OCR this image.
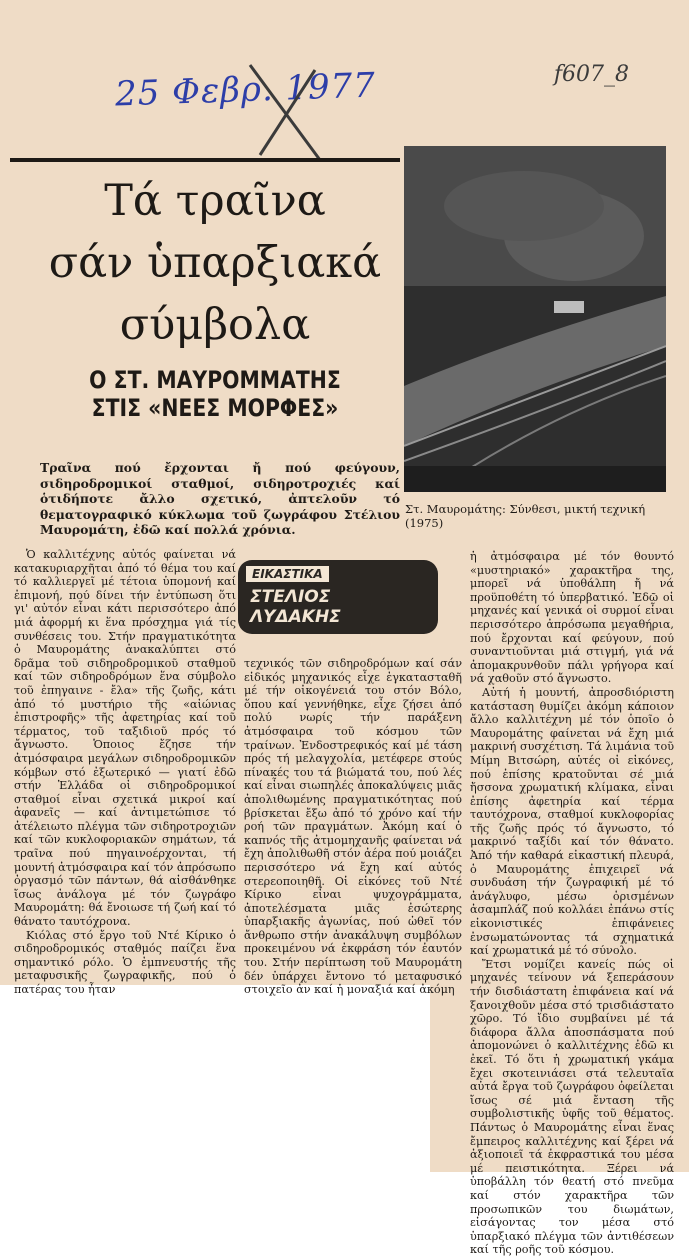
25 Φεβρ. 1977	f607_8
Τά τραῖνα
σάν ὑπαρξιακά
σύμβολα
Ο ΣΤ. ΜΑΥΡΟΜΜΑΤΗΣ
ΣΤΙΣ «ΝΕΕΣ ΜΟΡΦΕΣ»
Τραῖνα πού ἔρχονται ἤ πού φεύγουν, σιδηροδρομικοί σταθμοί, σιδηροτροχιές καί ὁτιδήποτε ἄλλο σχετικό, ἀπτελοῦν τό θεματογραφικό κύκλωμα τοῦ ζωγράφου Στέλιου Μαυρομάτη, ἐδῶ καί πολλά χρόνια.
Στ. Μαυρομάτης: Σύνθεσι, μικτή τεχνική (1975)

Ὁ καλλιτέχνης αὐτός φαίνεται νά κατακυριαρχῆται ἀπό τό θέμα του καί τό καλλιεργεῖ μέ τέτοια ὑπομονή καί ἐπιμονή, πού δίνει τήν ἐντύπωση ὅτι γι' αὐτόν εἶναι κάτι περισσότερο ἀπό μιά ἀφορμή κι ἕνα πρόσχημα γιά τίς συνθέσεις του. Στήν πραγματικότητα ὁ Μαυρομάτης ἀνακαλύπτει στό δρᾶμα τοῦ σιδηροδρομικοῦ σταθμοῦ καί τῶν σιδηροδρόμων ἕνα σύμβολο τοῦ ἐπηγαινε - ἔλα» τῆς ζωῆς, κάτι ἀπό τό μυστήριο τῆς «αἰώνιας ἐπιστροφῆς» τῆς ἀφετηρίας καί τοῦ τέρματος, τοῦ ταξιδιοῦ πρός τό ἄγνωστο. Ὁποιος ἔζησε τήν ἀτμόσφαιρα μεγάλων σιδηροδρομικῶν κόμβων στό ἐξωτερικό — γιατί ἐδῶ στήν Ἑλλάδα οἱ σιδηροδρομικοί σταθμοί εἶναι σχετικά μικροί καί ἀφανεῖς — καί ἀντιμετώπισε τό ἀτέλειωτο πλέγμα τῶν σιδηροτροχιῶν καί τῶν κυκλοφοριακῶν σημάτων, τά τραῖνα πού πηγαινοέρχονται, τή μουντή ἀτμόσφαιρα καί τόν ἀπρόσωπο ὀργασμό τῶν πάντων, θά αἰσθάνθηκε ἴσως ἀνάλογα μέ τόν ζωγράφο Μαυρομάτη: θά ἔνοιωσε τή ζωή καί τό θάνατο ταυτόχρονα.

Κιόλας στό ἔργο τοῦ Ντέ Κίρικο ὁ σιδηροδρομικός σταθμός παίζει ἕνα σημαντικό ρόλο. Ὁ ἐμπνευστής τῆς μεταφυσικῆς ζωγραφικῆς, πού ὁ πατέρας του ἦταν

ΕΙΚΑΣΤΙΚΑ
ΣΤΕΛΙΟΣ
ΛΥΔΑΚΗΣ

τεχνικός τῶν σιδηροδρόμων καί σάν εἰδικός μηχανικός εἶχε ἐγκατασταθῆ μέ τήν οἰκογένειά του στόν Βόλο, ὅπου καί γεννήθηκε, εἶχε ζήσει ἀπό πολύ νωρίς τήν παράξενη ἀτμόσφαιρα τοῦ κόσμου τῶν τραίνων. Ἐνδοστρεφικός καί μέ τάση πρός τή μελαγχολία, μετέφερε στούς πίνακές του τά βιώματά του, πού λές καί εἶναι σιωπηλές ἀποκαλύψεις μιᾶς ἀπολιθωμένης πραγματικότητας πού βρίσκεται ἔξω ἀπό τό χρόνο καί τήν ροή τῶν πραγμάτων. Ἀκόμη καί ὁ καπνός τῆς ἀτμομηχανῆς φαίνεται νά ἔχη ἀπολιθωθῆ στόν ἀέρα πού μοιάζει περισσότερο νά ἔχη καί αὐτός στερεοποιηθῆ. Οἱ εἰκόνες τοῦ Ντέ Κίρικο εἶναι ψυχογράμματα, ἀποτελέσματα μιᾶς ἐσώτερης ὑπαρξιακῆς ἀγωνίας, πού ὡθεῖ τόν ἄνθρωπο στήν ἀνακάλυψη συμβόλων προκειμένου νά ἐκφράση τόν ἑαυτόν του. Στήν περίπτωση τοῦ Μαυρομάτη δέν ὑπάρχει ἔντονο τό μεταφυσικό στοιχεῖο ἀν καί ἡ μοναξιά καί ἀκόμη

ἡ ἀτμόσφαιρα μέ τόν θουντό «μυστηριακό» χαρακτῆρα της, μπορεῖ νά ὑποθάλπη ἤ νά προϋποθέτη τό ὑπερβατικό. Ἐδῶ οἱ μηχανές καί γενικά οἱ συρμοί εἶναι περισσότερο ἀπρόσωπα μεγαθήρια, πού ἔρχονται καί φεύγουν, πού συναντιοῦνται μιά στιγμή, γιά νά ἀπομακρυνθοῦν πάλι γρήγορα καί νά χαθοῦν στό ἄγνωστο.

Αὐτή ἡ μουντή, ἀπροσδιόριστη κατάσταση θυμίζει ἀκόμη κάποιον ἄλλο καλλιτέχνη μέ τόν ὁποῖο ὁ Μαυρομάτης φαίνεται νά ἔχη μιά μακρινή συσχέτιση. Τά λιμάνια τοῦ Μίμη Βιτσώρη, αὐτές οἱ εἰκόνες, πού ἐπίσης κρατοῦνται σέ μιά ἤσσονα χρωματική κλίμακα, εἶναι ἐπίσης ἀφετηρία καί τέρμα ταυτόχρονα, σταθμοί κυκλοφορίας τῆς ζωῆς πρός τό ἄγνωστο, τό μακρινό ταξίδι καί τόν θάνατο. Ἀπό τήν καθαρά εἰκαστική πλευρά, ὁ Μαυρομάτης ἐπιχειρεῖ νά συνδυάση τήν ζωγραφική μέ τό ἀνάγλυφο, μέσω ὁρισμένων ἀσαμπλάζ πού κολλάει ἐπάνω στίς εἰκονιστικές ἐπιφάνειες ἐνσωματώνοντας τά σχηματικά καί χρωματικά μέ τό σύνολο.

Ἔτσι νομίζει κανείς πώς οἱ μηχανές τείνουν νά ξεπεράσουν τήν δισδιάστατη ἐπιφάνεια καί νά ξανοιχθοῦν μέσα στό τρισδιάστατο χῶρο. Τό ἴδιο συμβαίνει μέ τά διάφορα ἄλλα ἀποσπάσματα πού ἀπομονώνει ὁ καλλιτέχνης ἐδῶ κι ἐκεῖ. Τό ὅτι ἡ χρωματική γκάμα ἔχει σκοτεινιάσει στά τελευταῖα αὐτά ἔργα τοῦ ζωγράφου ὀφείλεται ἴσως σέ μιά ἔνταση τῆς συμβολιστικῆς ὑφῆς τοῦ θέματος. Πάντως ὁ Μαυρομάτης εἶναι ἕνας ἔμπειρος καλλιτέχνης καί ξέρει νά ἀξιοποιεῖ τά ἐκφραστικά του μέσα μέ πειστικότητα. Ξέρει νά ὑποβάλλη τόν θεατή στό πνεῦμα καί στόν χαρακτῆρα τῶν προσωπικῶν του διωμάτων, εἰσάγοντας τον μέσα στό ὑπαρξιακό πλέγμα τῶν ἀντιθέσεων καί τῆς ροῆς τοῦ κόσμου.
